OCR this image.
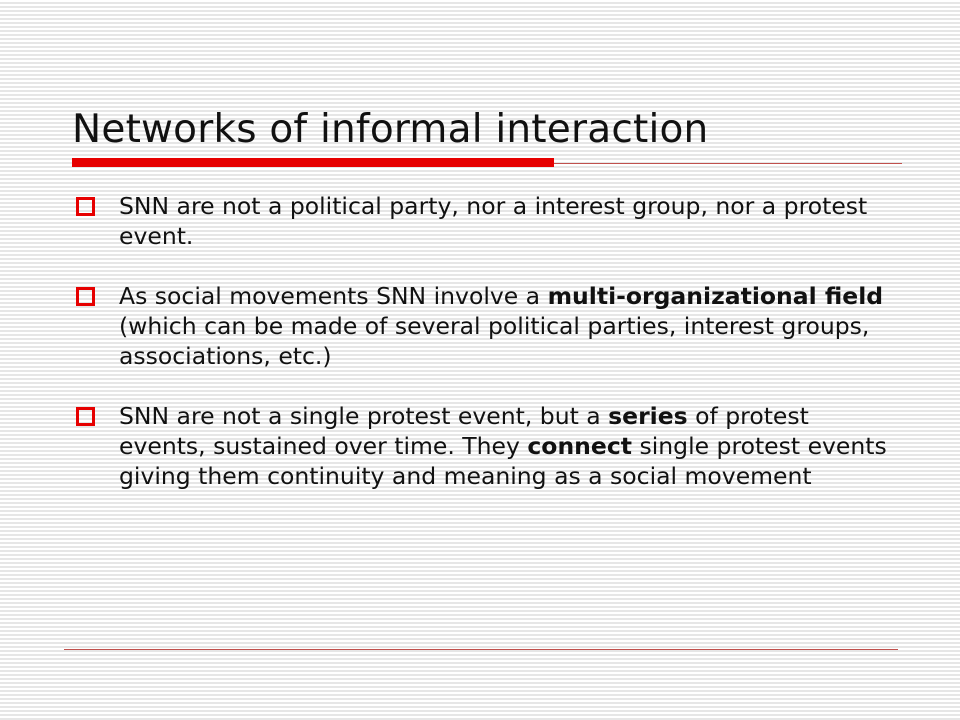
Networks of informal interaction
SNN are not a political party, nor a interest group, nor a protest event.
As social movements SNN involve a multi-organizational field (which can be made of several political parties, interest groups, associations, etc.)
SNN are not a single protest event, but a series of protest events, sustained over time. They connect single protest events giving them continuity and meaning as a social movement
